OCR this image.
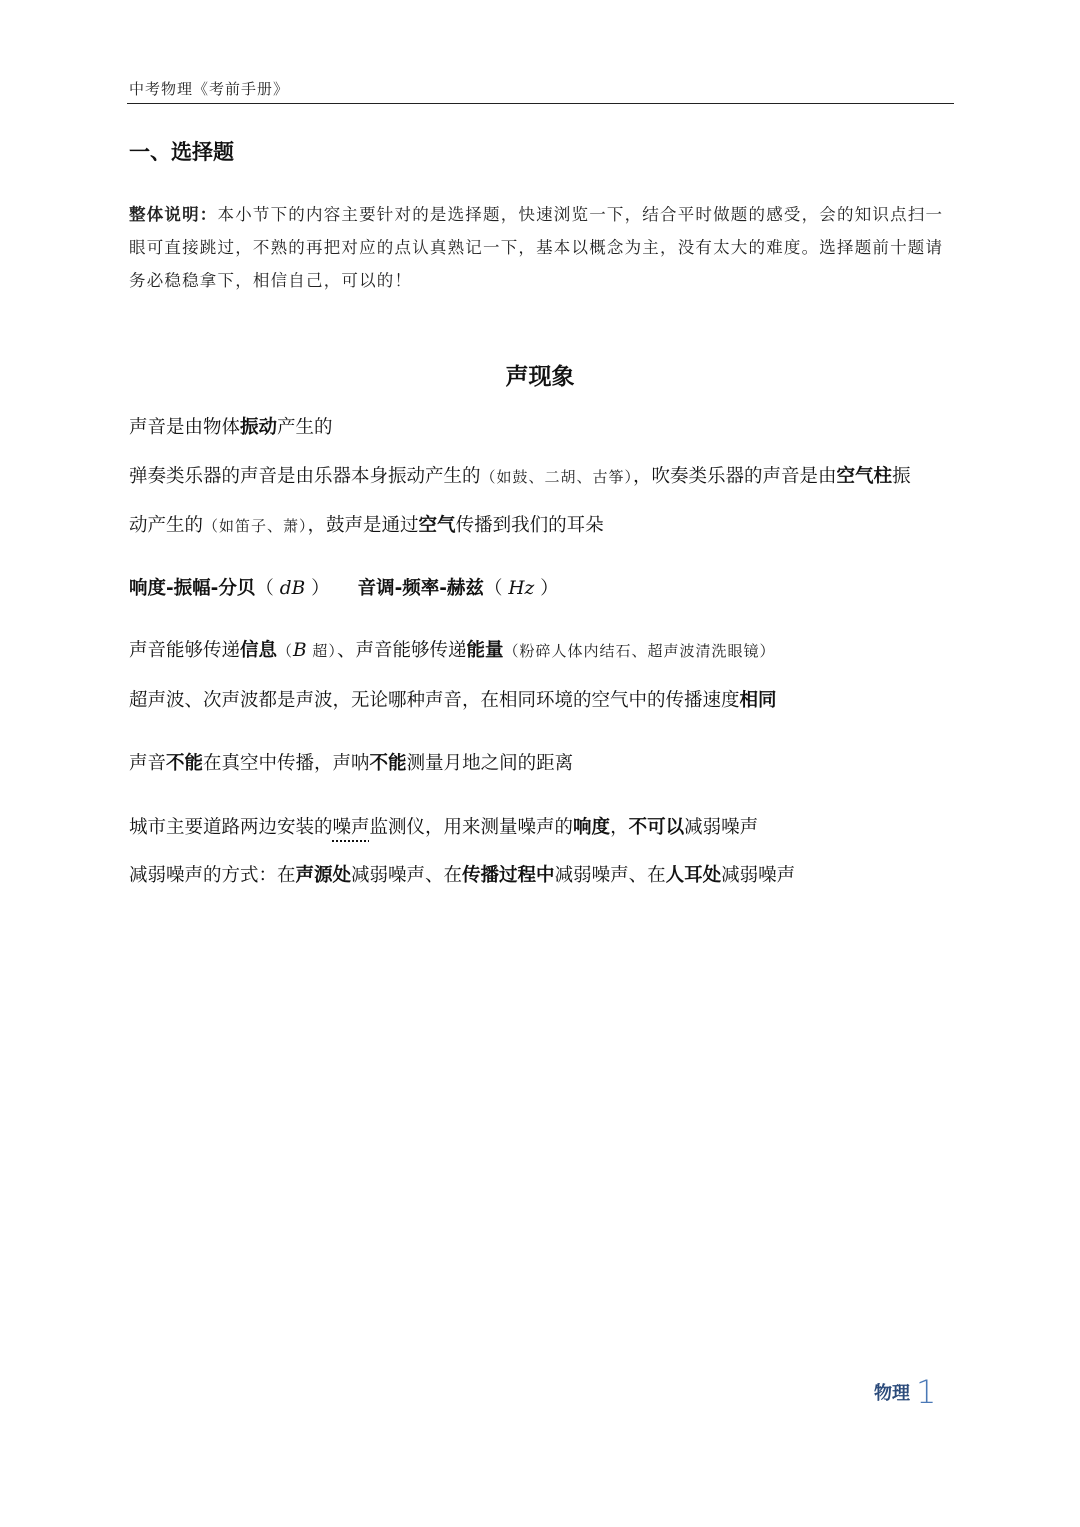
中考物理《考前手册》
一、选择题

整体说明：本小节下的内容主要针对的是选择题，快速浏览一下，结合平时做题的感受，会的知识点扫一眼可直接跳过，不熟的再把对应的点认真熟记一下，基本以概念为主，没有太大的难度。选择题前十题请务必稳稳拿下，相信自己，可以的！

声现象

声音是由物体振动产生的

弹奏类乐器的声音是由乐器本身振动产生的（如鼓、二胡、古筝），吹奏类乐器的声音是由空气柱振

动产生的（如笛子、萧），鼓声是通过空气传播到我们的耳朵

响度-振幅-分贝（ dB ） 音调-频率-赫兹（ Hz ）

声音能够传递信息（B 超）、声音能够传递能量（粉碎人体内结石、超声波清洗眼镜）

超声波、次声波都是声波，无论哪种声音，在相同环境的空气中的传播速度相同

声音不能在真空中传播，声呐不能测量月地之间的距离

城市主要道路两边安装的噪声监测仪，用来测量噪声的响度，不可以减弱噪声

减弱噪声的方式：在声源处减弱噪声、在传播过程中减弱噪声、在人耳处减弱噪声

物理 1
